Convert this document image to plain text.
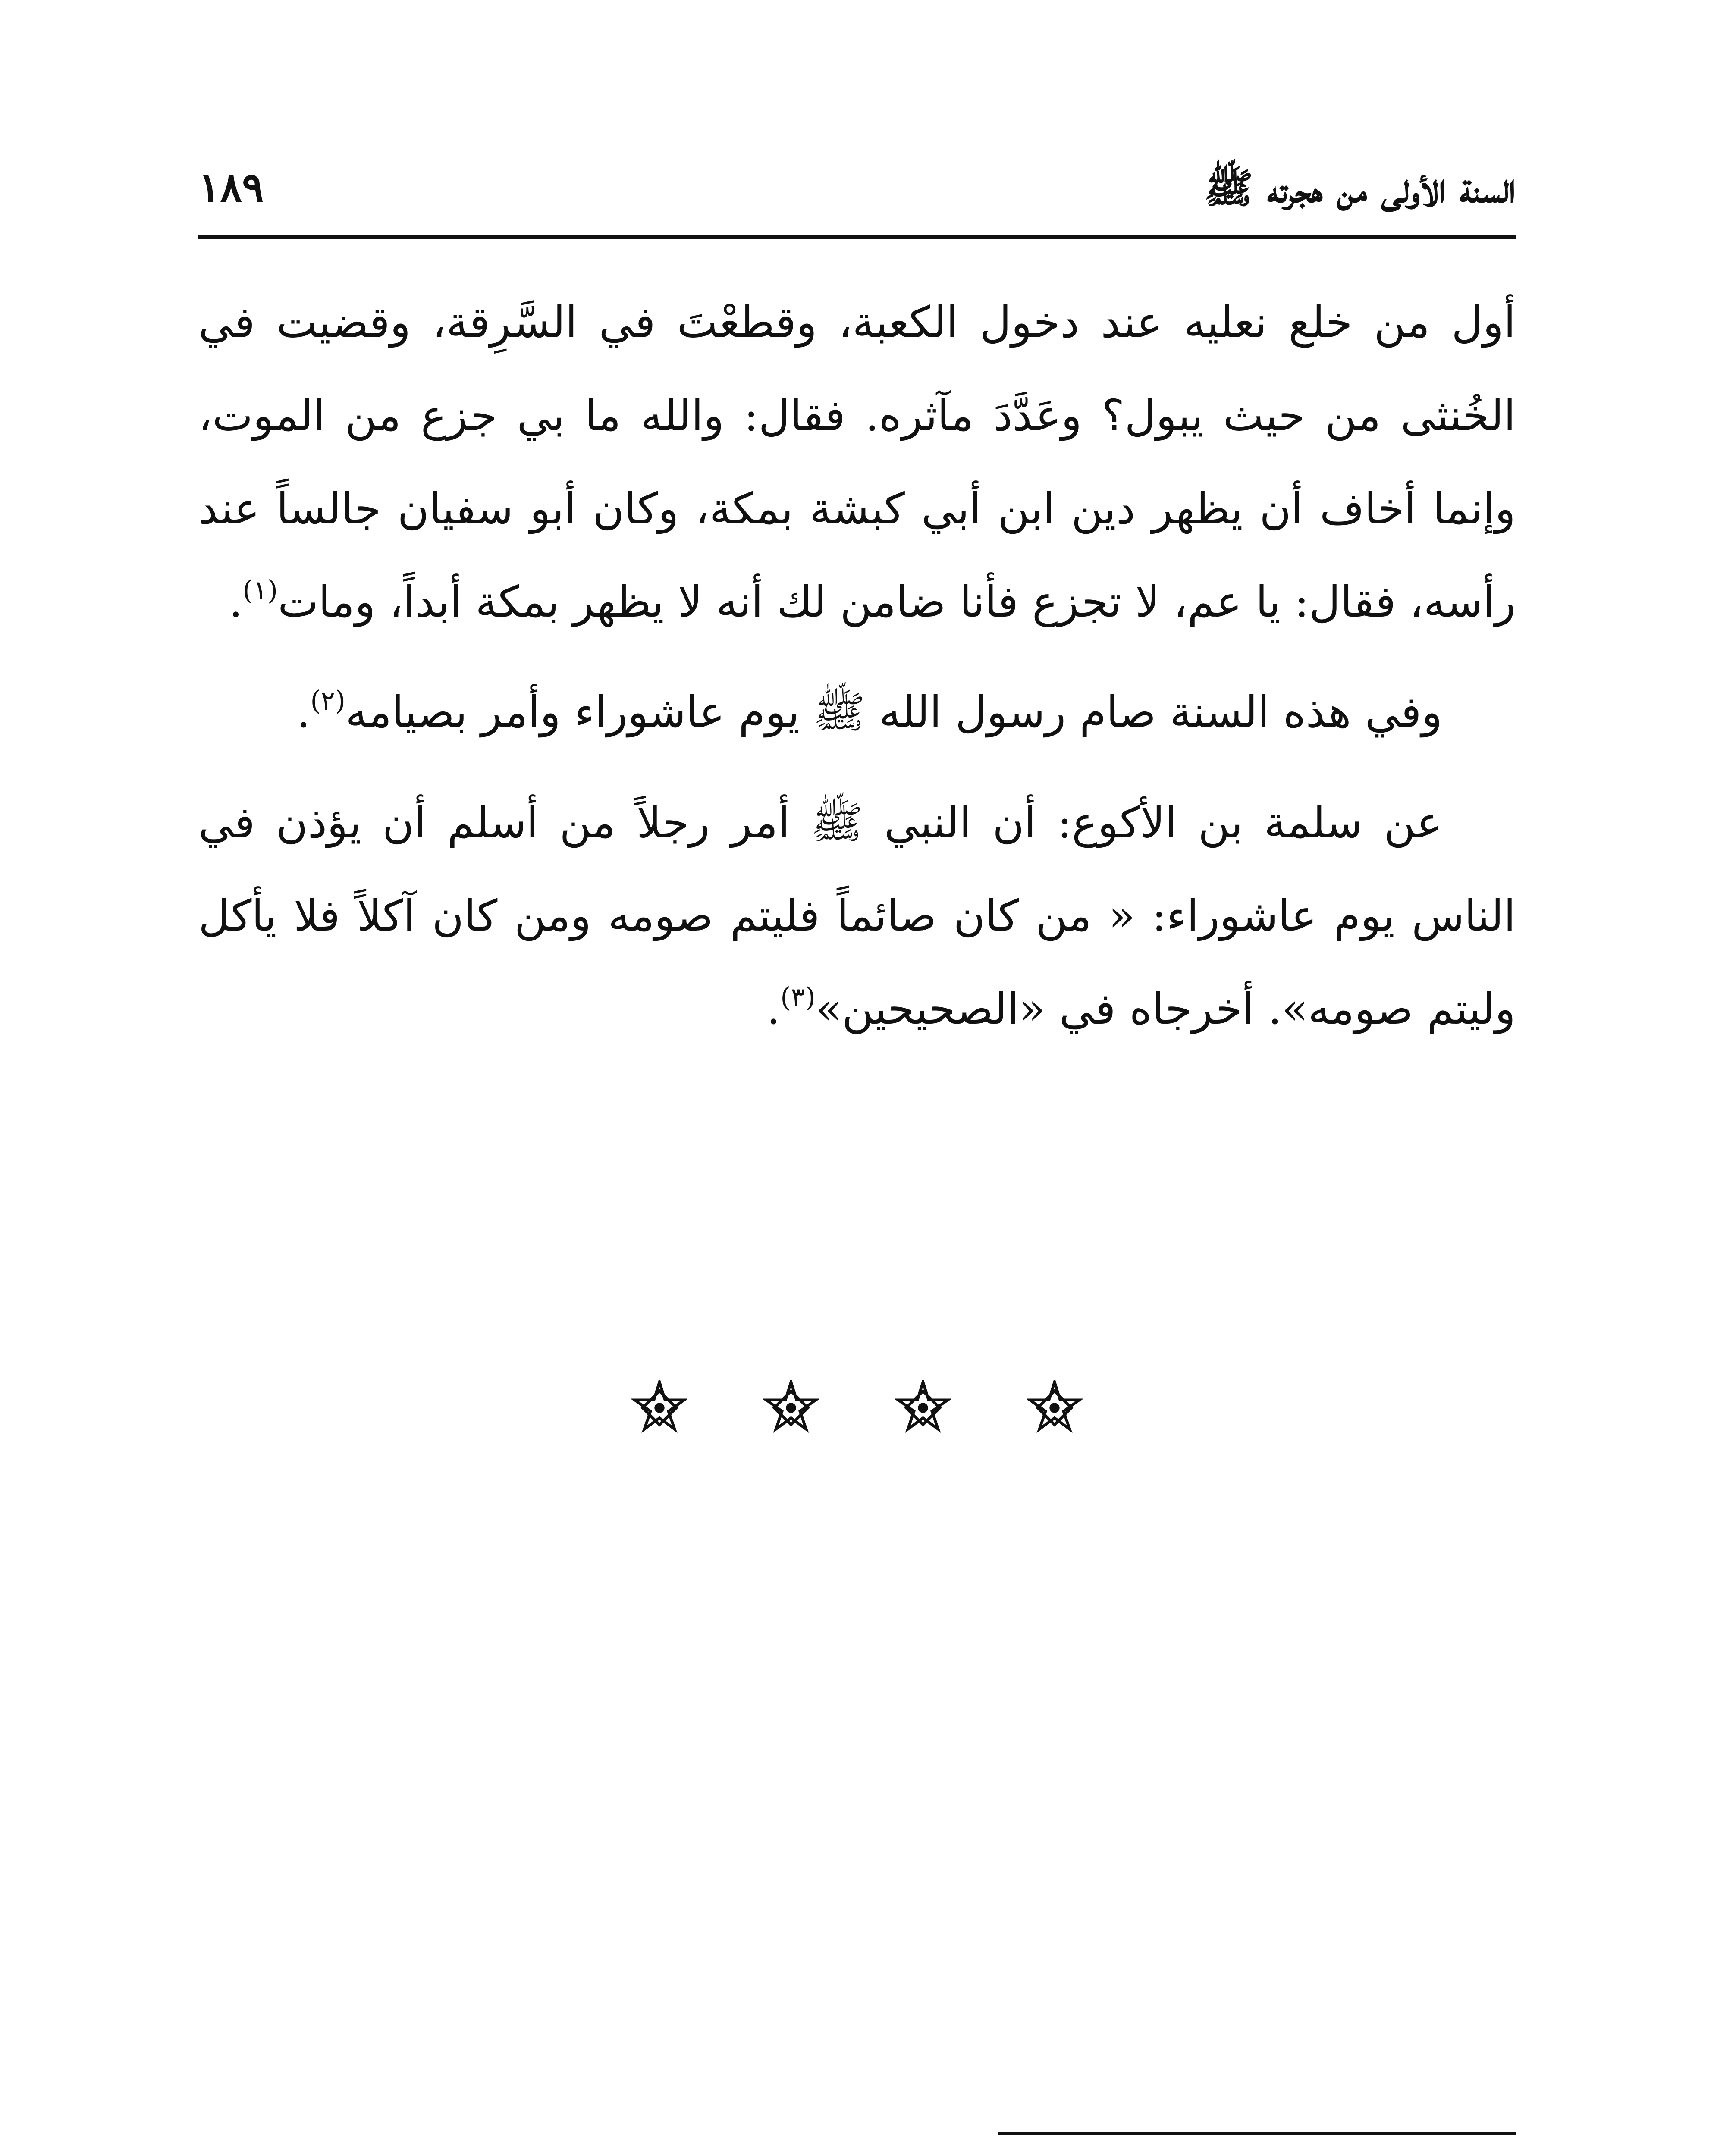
السنة الأولى من هجرته ﷺ
١٨٩

أول من خلع نعليه عند دخول الكعبة، وقطعْتَ في السَّرِقة، وقضيت في الخُنثى من حيث يبول؟ وعَدَّدَ مآثره. فقال: والله ما بي جزع من الموت، وإنما أخاف أن يظهر دين ابن أبي كبشة بمكة، وكان أبو سفيان جالساً عند رأسه، فقال: يا عم، لا تجزع فأنا ضامن لك أنه لا يظهر بمكة أبداً، ومات$^{(١)}$.

وفي هذه السنة صام رسول الله ﷺ يوم عاشوراء وأمر بصيامه$^{(٢)}$.

عن سلمة بن الأكوع: أن النبي ﷺ أمر رجلاً من أسلم أن يؤذن في الناس يوم عاشوراء: « من كان صائماً فليتم صومه ومن كان آكلاً فلا يأكل وليتم صومه». أخرجاه في «الصحيحين»$^{(٣)}$.
